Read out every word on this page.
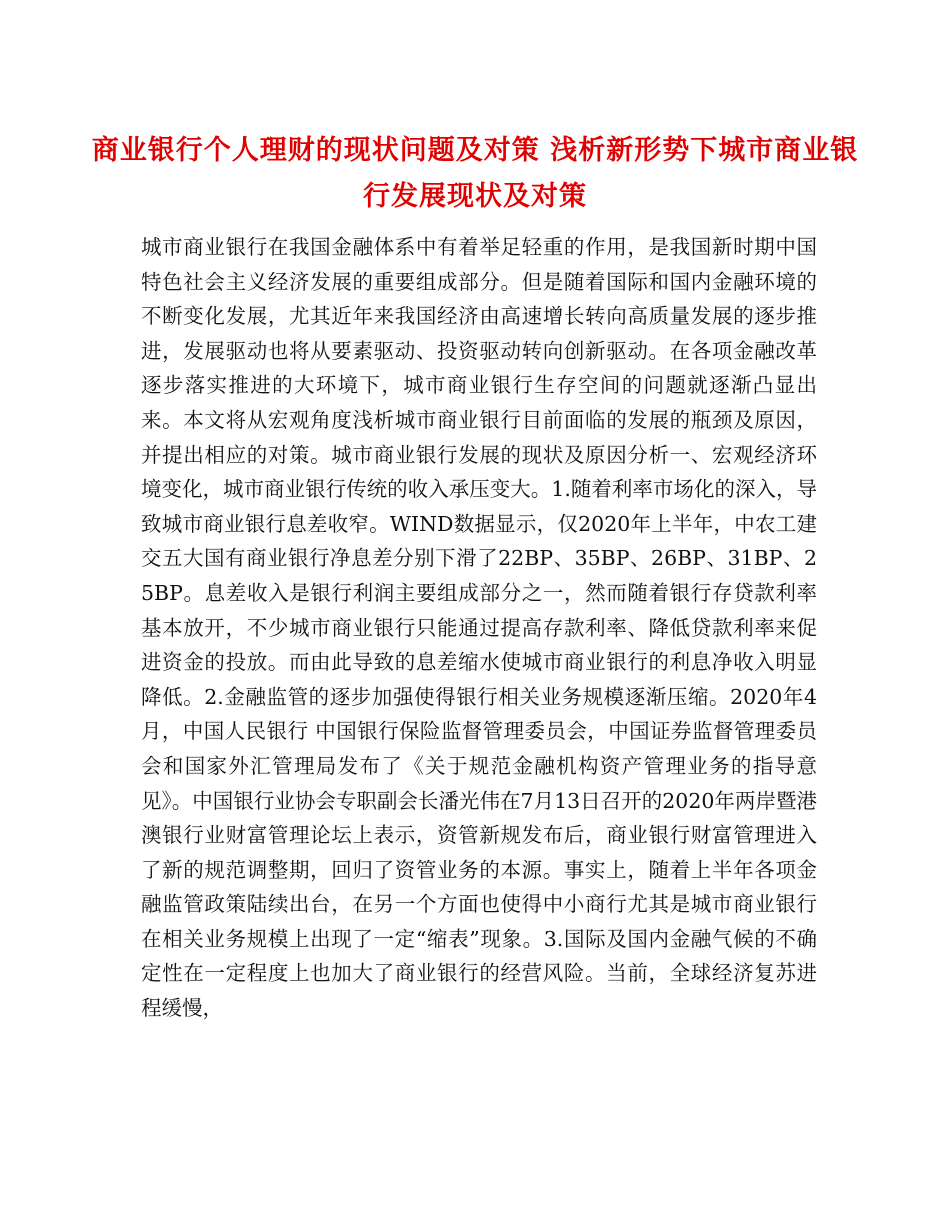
商业银行个人理财的现状问题及对策 浅析新形势下城市商业银行发展现状及对策

城市商业银行在我国金融体系中有着举足轻重的作用，是我国新时期中国特色社会主义经济发展的重要组成部分。但是随着国际和国内金融环境的不断变化发展，尤其近年来我国经济由高速增长转向高质量发展的逐步推进，发展驱动也将从要素驱动、投资驱动转向创新驱动。在各项金融改革逐步落实推进的大环境下，城市商业银行生存空间的问题就逐渐凸显出来。本文将从宏观角度浅析城市商业银行目前面临的发展的瓶颈及原因，并提出相应的对策。城市商业银行发展的现状及原因分析一、宏观经济环境变化，城市商业银行传统的收入承压变大。1.随着利率市场化的深入，导致城市商业银行息差收窄。WIND数据显示，仅2020年上半年，中农工建交五大国有商业银行净息差分别下滑了22BP、35BP、26BP、31BP、25BP。息差收入是银行利润主要组成部分之一，然而随着银行存贷款利率基本放开，不少城市商业银行只能通过提高存款利率、降低贷款利率来促进资金的投放。而由此导致的息差缩水使城市商业银行的利息净收入明显降低。2.金融监管的逐步加强使得银行相关业务规模逐渐压缩。2020年4月，中国人民银行 中国银行保险监督管理委员会，中国证券监督管理委员会和国家外汇管理局发布了《关于规范金融机构资产管理业务的指导意见》。中国银行业协会专职副会长潘光伟在7月13日召开的2020年两岸暨港澳银行业财富管理论坛上表示，资管新规发布后，商业银行财富管理进入了新的规范调整期，回归了资管业务的本源。事实上，随着上半年各项金融监管政策陆续出台，在另一个方面也使得中小商行尤其是城市商业银行在相关业务规模上出现了一定“缩表”现象。3.国际及国内金融气候的不确定性在一定程度上也加大了商业银行的经营风险。当前，全球经济复苏进程缓慢，
